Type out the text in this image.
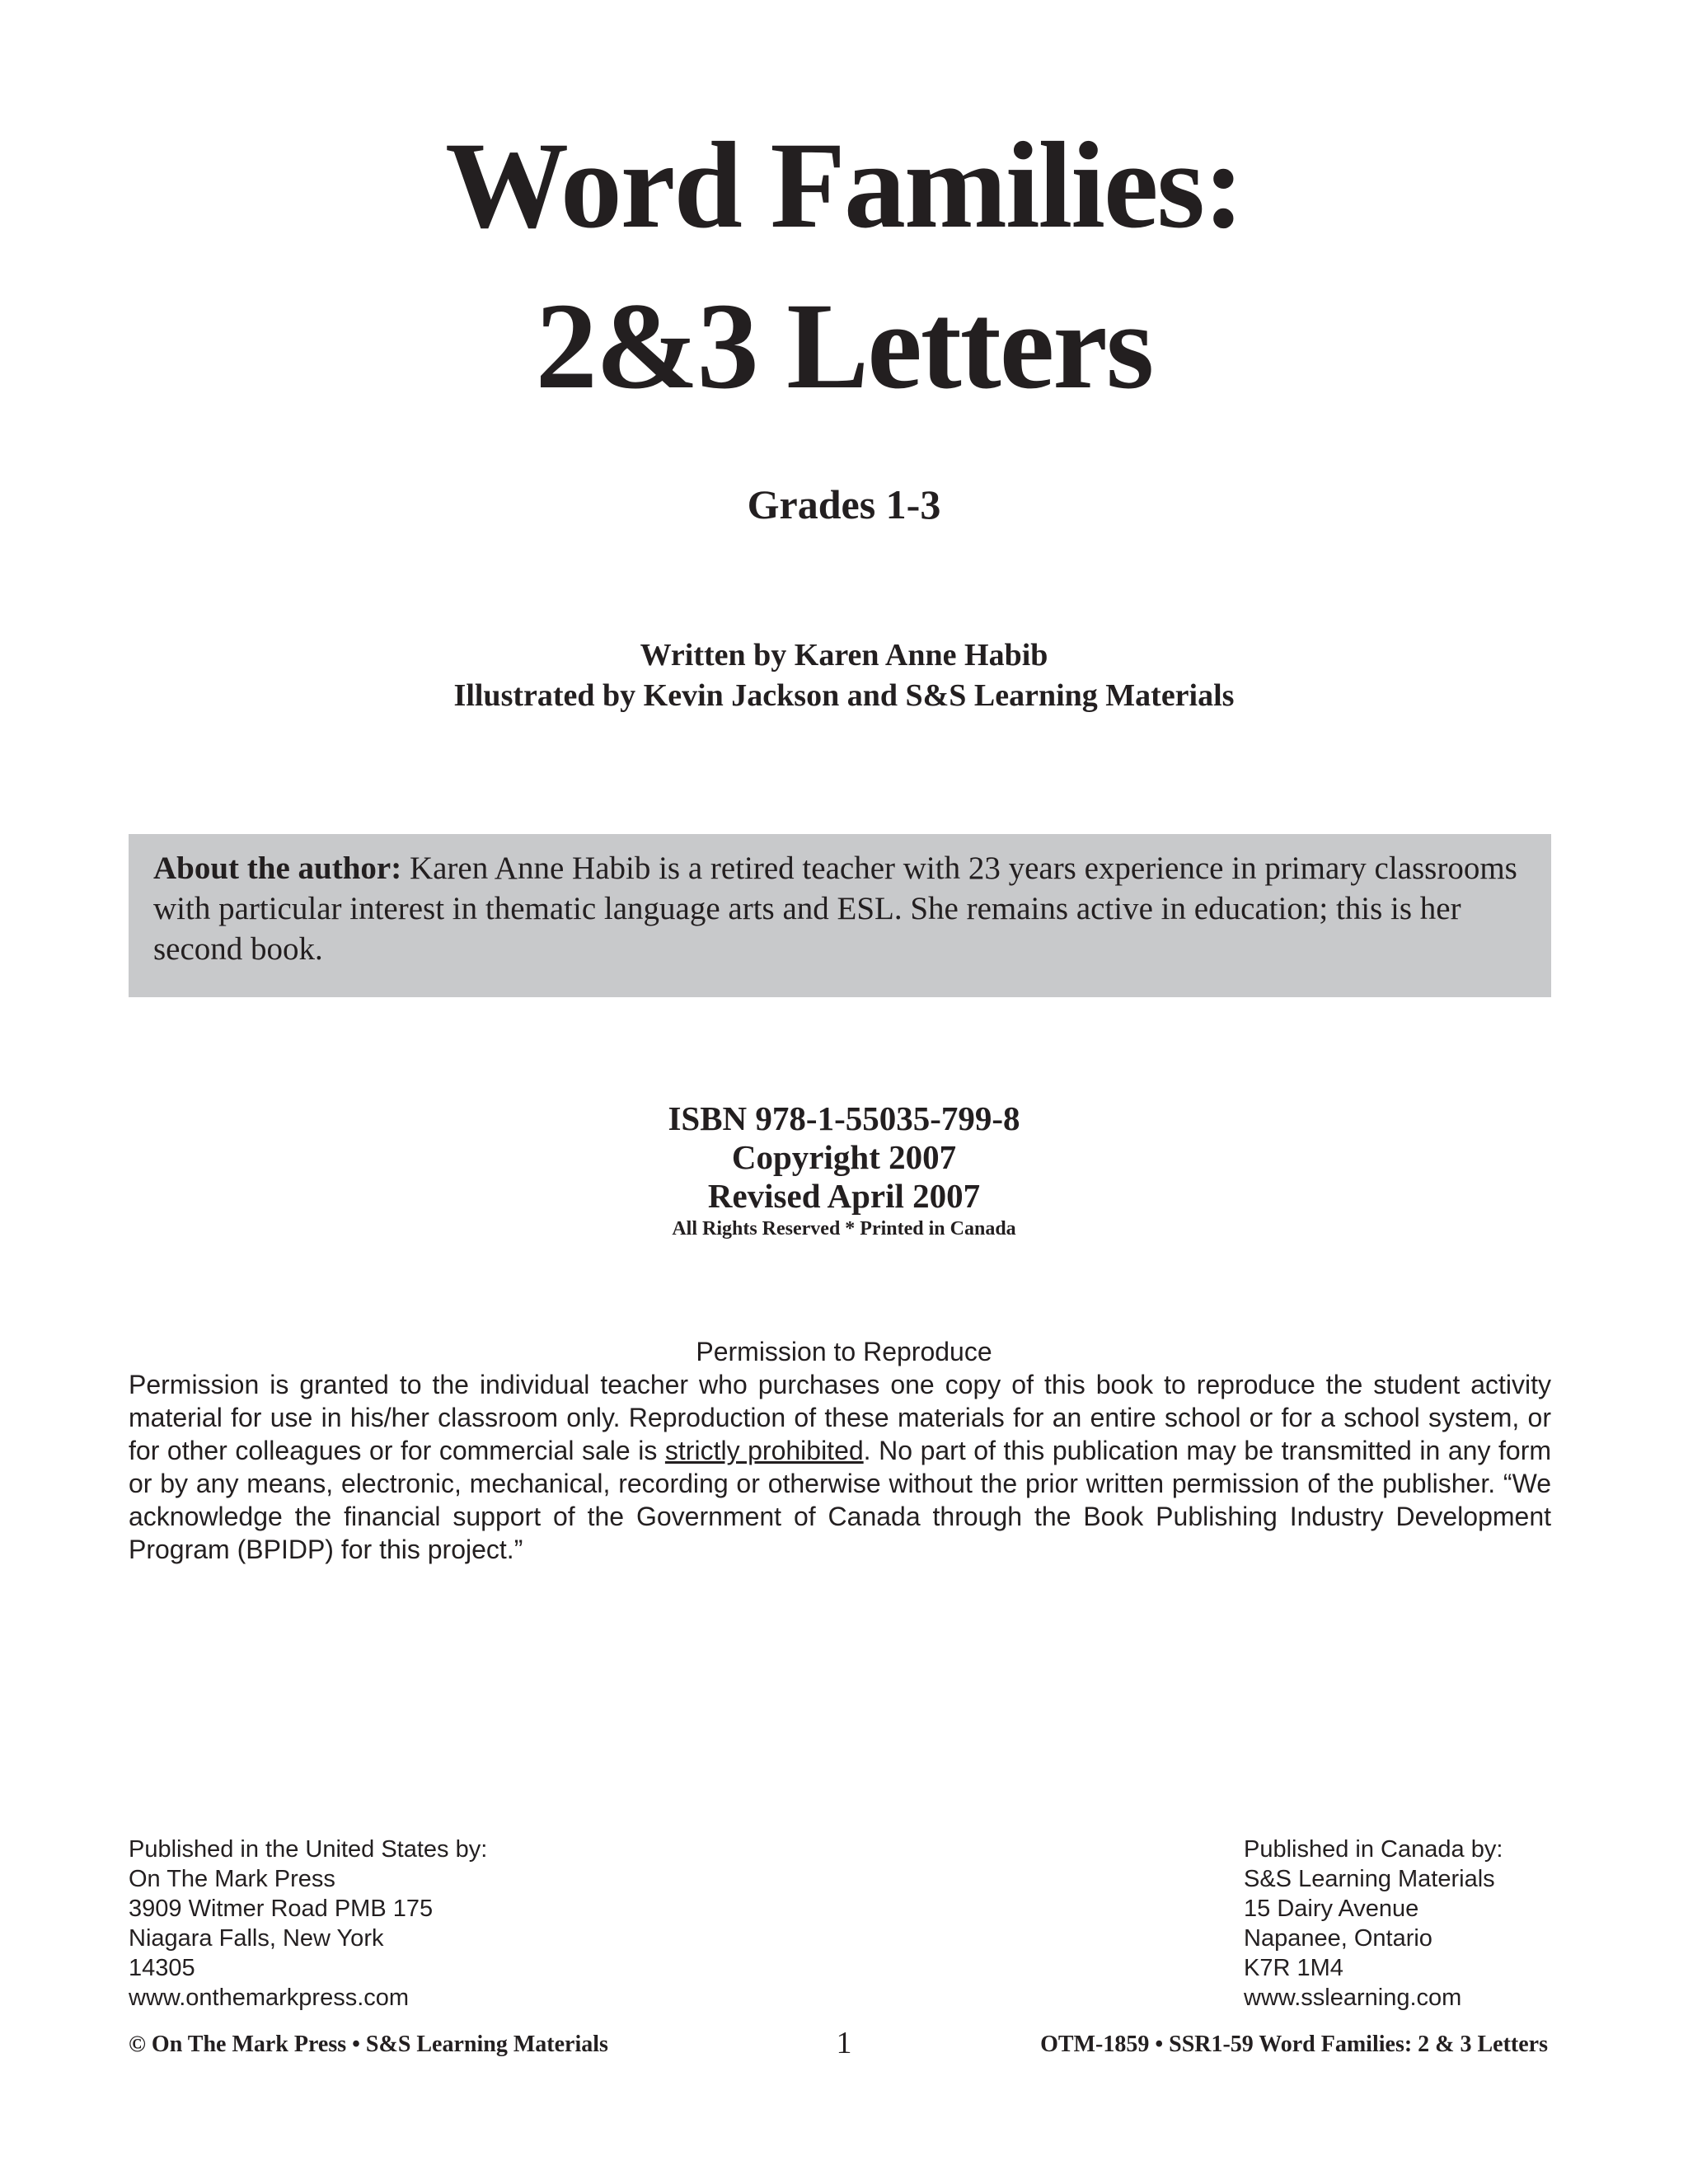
Word Families:
2&3 Letters
Grades 1-3
Written by Karen Anne Habib
Illustrated by Kevin Jackson and S&S Learning Materials
About the author: Karen Anne Habib is a retired teacher with 23 years experience in primary classrooms with particular interest in thematic language arts and ESL. She remains active in education; this is her second book.
ISBN 978-1-55035-799-8
Copyright 2007
Revised April 2007
All Rights Reserved * Printed in Canada
Permission to Reproduce
Permission is granted to the individual teacher who purchases one copy of this book to reproduce the student activity material for use in his/her classroom only. Reproduction of these materials for an entire school or for a school system, or for other colleagues or for commercial sale is strictly prohibited. No part of this publication may be transmitted in any form or by any means, electronic, mechanical, recording or otherwise without the prior written permission of the publisher. “We acknowledge the financial support of the Government of Canada through the Book Publishing Industry Development Program (BPIDP) for this project.”
Published in the United States by:
On The Mark Press
3909 Witmer Road PMB 175
Niagara Falls, New York
14305
www.onthemarkpress.com
Published in Canada by:
S&S Learning Materials
15 Dairy Avenue
Napanee, Ontario
K7R 1M4
www.sslearning.com
© On The Mark Press • S&S Learning Materials	1	OTM-1859 • SSR1-59 Word Families: 2 & 3 Letters
